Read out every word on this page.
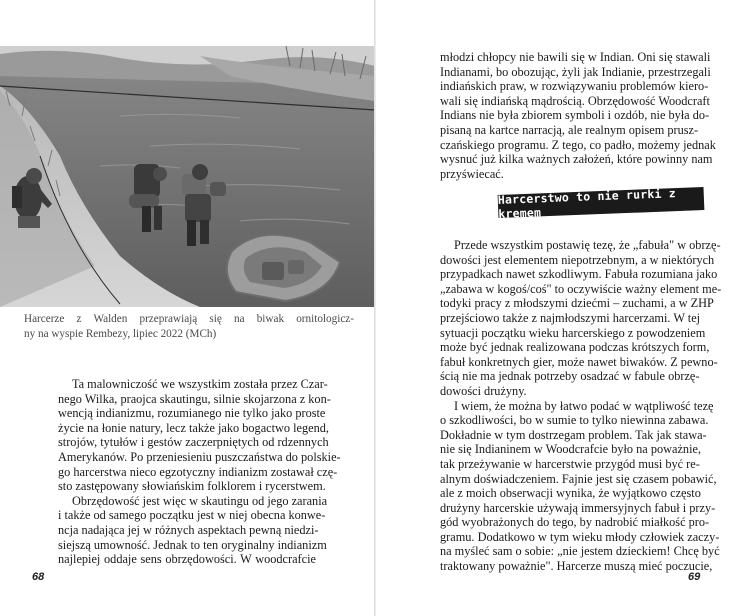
Harcerze z Walden przeprawiają się na biwak ornitologicz-
ny na wyspie Rembezy, lipiec 2022 (MCh)
Ta malowniczość we wszystkim została przez Czar-
nego Wilka, praojca skautingu, silnie skojarzona z kon-
wencją indianizmu, rozumianego nie tylko jako proste
życie na łonie natury, lecz także jako bogactwo legend,
strojów, tytułów i gestów zaczerpniętych od rdzennych
Amerykanów. Po przeniesieniu puszczaństwa do polskie-
go harcerstwa nieco egzotyczny indianizm zostawał czę-
sto zastępowany słowiańskim folklorem i rycerstwem.
Obrzędowość jest więc w skautingu od jego zarania
i także od samego początku jest w niej obecna konwe-
ncja nadająca jej w różnych aspektach pewną niedzi-
siejszą umowność. Jednak to ten oryginalny indianizm
najlepiej oddaje sens obrzędowości. W woodcrafcie
68
młodzi chłopcy nie bawili się w Indian. Oni się stawali
Indianami, bo obozując, żyli jak Indianie, przestrzegali
indiańskich praw, w rozwiązywaniu problemów kiero-
wali się indiańską mądrością. Obrzędowość Woodcraft
Indians nie była zbiorem symboli i ozdób, nie była do-
pisaną na kartce narracją, ale realnym opisem prusz-
czańskiego programu. Z tego, co padło, możemy jednak
wysnuć już kilka ważnych założeń, które powinny nam
przyświecać.
Harcerstwo to nie rurki z kremem
Przede wszystkim postawię tezę, że „fabuła" w obrzę-
dowości jest elementem niepotrzebnym, a w niektórych
przypadkach nawet szkodliwym. Fabuła rozumiana jako
„zabawa w kogoś/coś" to oczywiście ważny element me-
todyki pracy z młodszymi dziećmi – zuchami, a w ZHP
przejściowo także z najmłodszymi harcerzami. W tej
sytuacji początku wieku harcerskiego z powodzeniem
może być jednak realizowana podczas krótszych form,
fabuł konkretnych gier, może nawet biwaków. Z pewno-
ścią nie ma jednak potrzeby osadzać w fabule obrzę-
dowości drużyny.
I wiem, że można by łatwo podać w wątpliwość tezę
o szkodliwości, bo w sumie to tylko niewinna zabawa.
Dokładnie w tym dostrzegam problem. Tak jak stawa-
nie się Indianinem w Woodcrafcie było na poważnie,
tak przeżywanie w harcerstwie przygód musi być re-
alnym doświadczeniem. Fajnie jest się czasem pobawić,
ale z moich obserwacji wynika, że wyjątkowo często
drużyny harcerskie używają immersyjnych fabuł i przy-
gód wyobrażonych do tego, by nadrobić miałkość pro-
gramu. Dodatkowo w tym wieku młody człowiek zaczy-
na myśleć sam o sobie: „nie jestem dzieckiem! Chcę być
traktowany poważnie". Harcerze muszą mieć poczucie,
69
